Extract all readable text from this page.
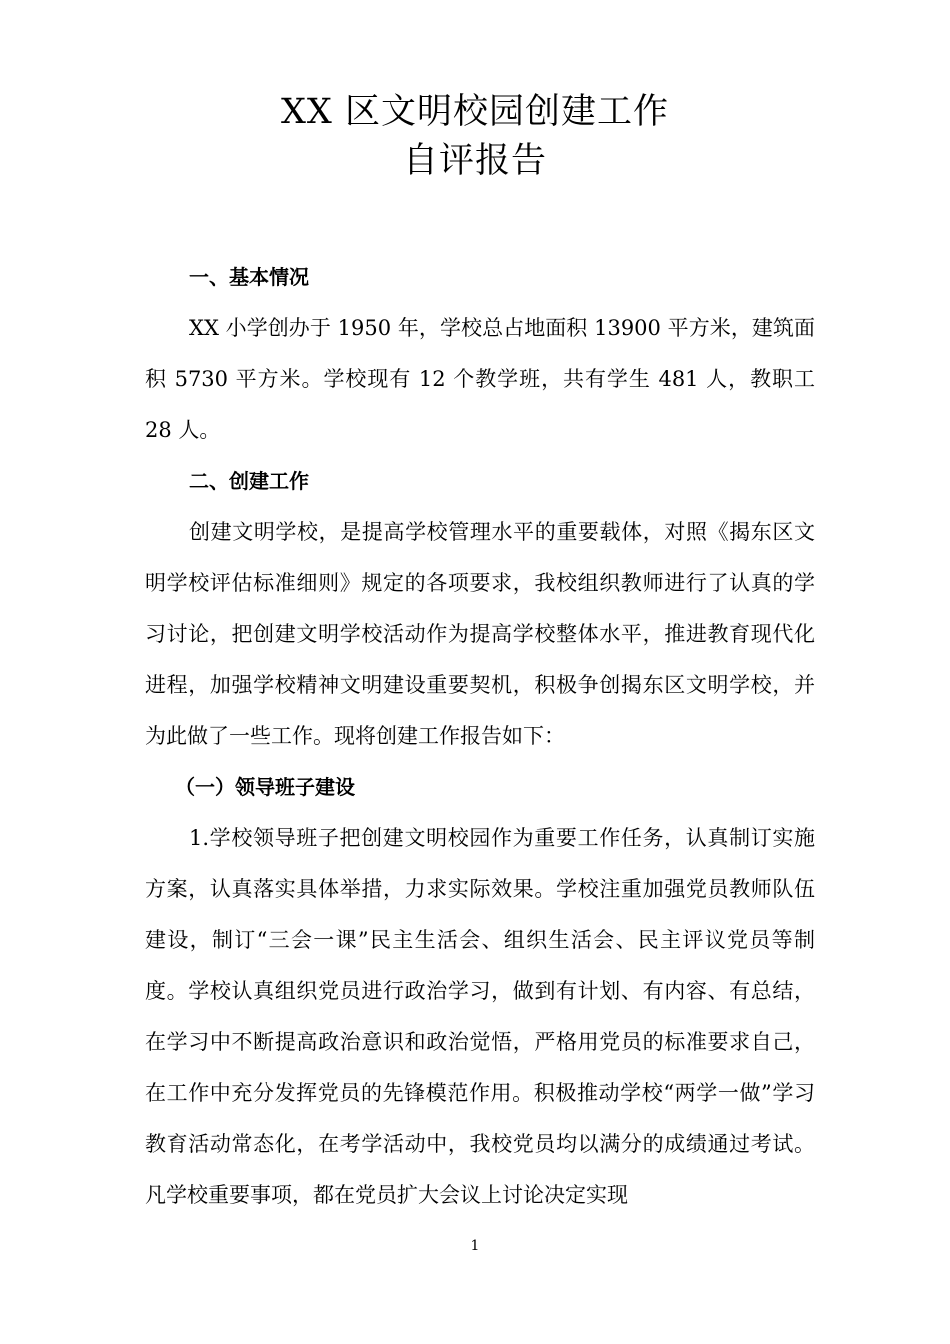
XX 区文明校园创建工作
自评报告

一、基本情况

XX 小学创办于 1950 年，学校总占地面积 13900 平方米，建筑面积 5730 平方米。学校现有 12 个教学班，共有学生 481 人，教职工 28 人。

二、创建工作

创建文明学校，是提高学校管理水平的重要载体，对照《揭东区文明学校评估标准细则》规定的各项要求，我校组织教师进行了认真的学习讨论，把创建文明学校活动作为提高学校整体水平，推进教育现代化进程，加强学校精神文明建设重要契机，积极争创揭东区文明学校，并为此做了一些工作。现将创建工作报告如下：

（一）领导班子建设

1.学校领导班子把创建文明校园作为重要工作任务，认真制订实施方案，认真落实具体举措，力求实际效果。学校注重加强党员教师队伍建设，制订“三会一课”民主生活会、组织生活会、民主评议党员等制度。学校认真组织党员进行政治学习，做到有计划、有内容、有总结，在学习中不断提高政治意识和政治觉悟，严格用党员的标准要求自己，在工作中充分发挥党员的先锋模范作用。积极推动学校“两学一做”学习教育活动常态化，在考学活动中，我校党员均以满分的成绩通过考试。凡学校重要事项，都在党员扩大会议上讨论决定实现

1
